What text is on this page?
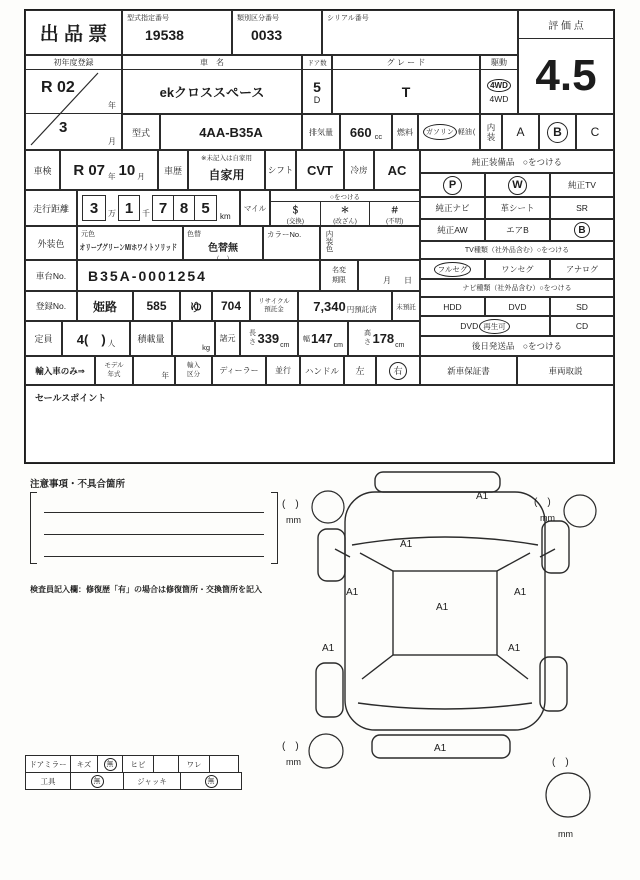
出 品 票
型式指定番号
19538
類別区分番号
0033
シリアル番号
評 価 点
4.5
初年度登録
R 02
年
3
月
車　名
ekクロススペース
ドア数
5
D
グ レ ー ド
T
駆動
4WD
4WD
型式	4AA-B35A	排気量	660 cc	燃料	ガソリン 軽油 ( 内装	A	B	C
車検	R 07 年 10 月
車歴
※未記入は自家用
自家用	シフト	CVT	冷房	AC
走行距離	3	万 1	千 7 8 5	km
マイル
○をつける
＄
(交換)
＊
(改ざん)
＃
(不明)
外装色
元色
オリーブグリーンM/ホワイトソリッド
色替
色替無
カラーNo.	内装色
車台No.	B35A-0001254	名変期限	月 日
登録No.	姫路	585	ゆ	704	リサイクル預託金	7,340 円預託済	未預託
定員	4(　) 人	積載量
kg
諸元
長さ 339 cm
幅 147 cm
高さ 178 cm
輸入車のみ⇒	モデル年式	年
輸入区分	ディーラー	並行	ハンドル	左	右
純正装備品　○をつける
P	W	純正TV
純正ナビ	革シート	SR
純正AW	エアB	B
TV種類（社外品含む）○をつける
フルセグ	ワンセグ	アナログ
ナビ種類（社外品含む）○をつける
HDD	DVD	SD
DVD 再生可	CD
後日発送品　○をつける
新車保証書	車両取説
セールスポイント
注意事項・不具合箇所
検査員記入欄：修復歴「有」の場合は修復箇所・交換箇所を記入
A1
A1
A1
A1
A1
A1	A1
A1
(　)
mm
(　)
mm
(　)
mm	(　)
mm
ドアミラー	キズ	無	ヒビ	ワレ
工具	無	ジャッキ	無
